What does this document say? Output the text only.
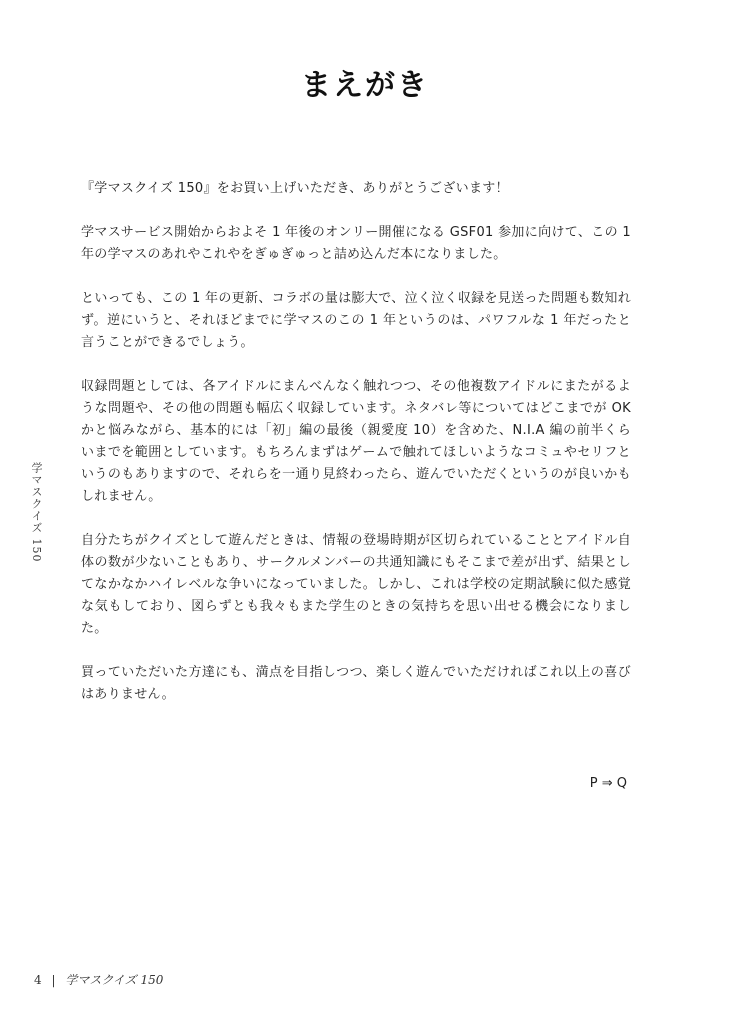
まえがき

『学マスクイズ 150』をお買い上げいただき、ありがとうございます！

学マスサービス開始からおよそ 1 年後のオンリー開催になる GSF01 参加に向けて、この 1 年の学マスのあれやこれやをぎゅぎゅっと詰め込んだ本になりました。

といっても、この 1 年の更新、コラボの量は膨大で、泣く泣く収録を見送った問題も数知れず。逆にいうと、それほどまでに学マスのこの 1 年というのは、パワフルな 1 年だったと言うことができるでしょう。

収録問題としては、各アイドルにまんべんなく触れつつ、その他複数アイドルにまたがるような問題や、その他の問題も幅広く収録しています。ネタバレ等についてはどこまでが OK かと悩みながら、基本的には「初」編の最後（親愛度 10）を含めた、N.I.A 編の前半くらいまでを範囲としています。もちろんまずはゲームで触れてほしいようなコミュやセリフというのもありますので、それらを一通り見終わったら、遊んでいただくというのが良いかもしれません。

自分たちがクイズとして遊んだときは、情報の登場時期が区切られていることとアイドル自体の数が少ないこともあり、サークルメンバーの共通知識にもそこまで差が出ず、結果としてなかなかハイレベルな争いになっていました。しかし、これは学校の定期試験に似た感覚な気もしており、図らずとも我々もまた学生のときの気持ちを思い出せる機会になりました。

買っていただいた方達にも、満点を目指しつつ、楽しく遊んでいただければこれ以上の喜びはありません。

P ⇒ Q
学マスクイズ 150
4 | 学マスクイズ 150
